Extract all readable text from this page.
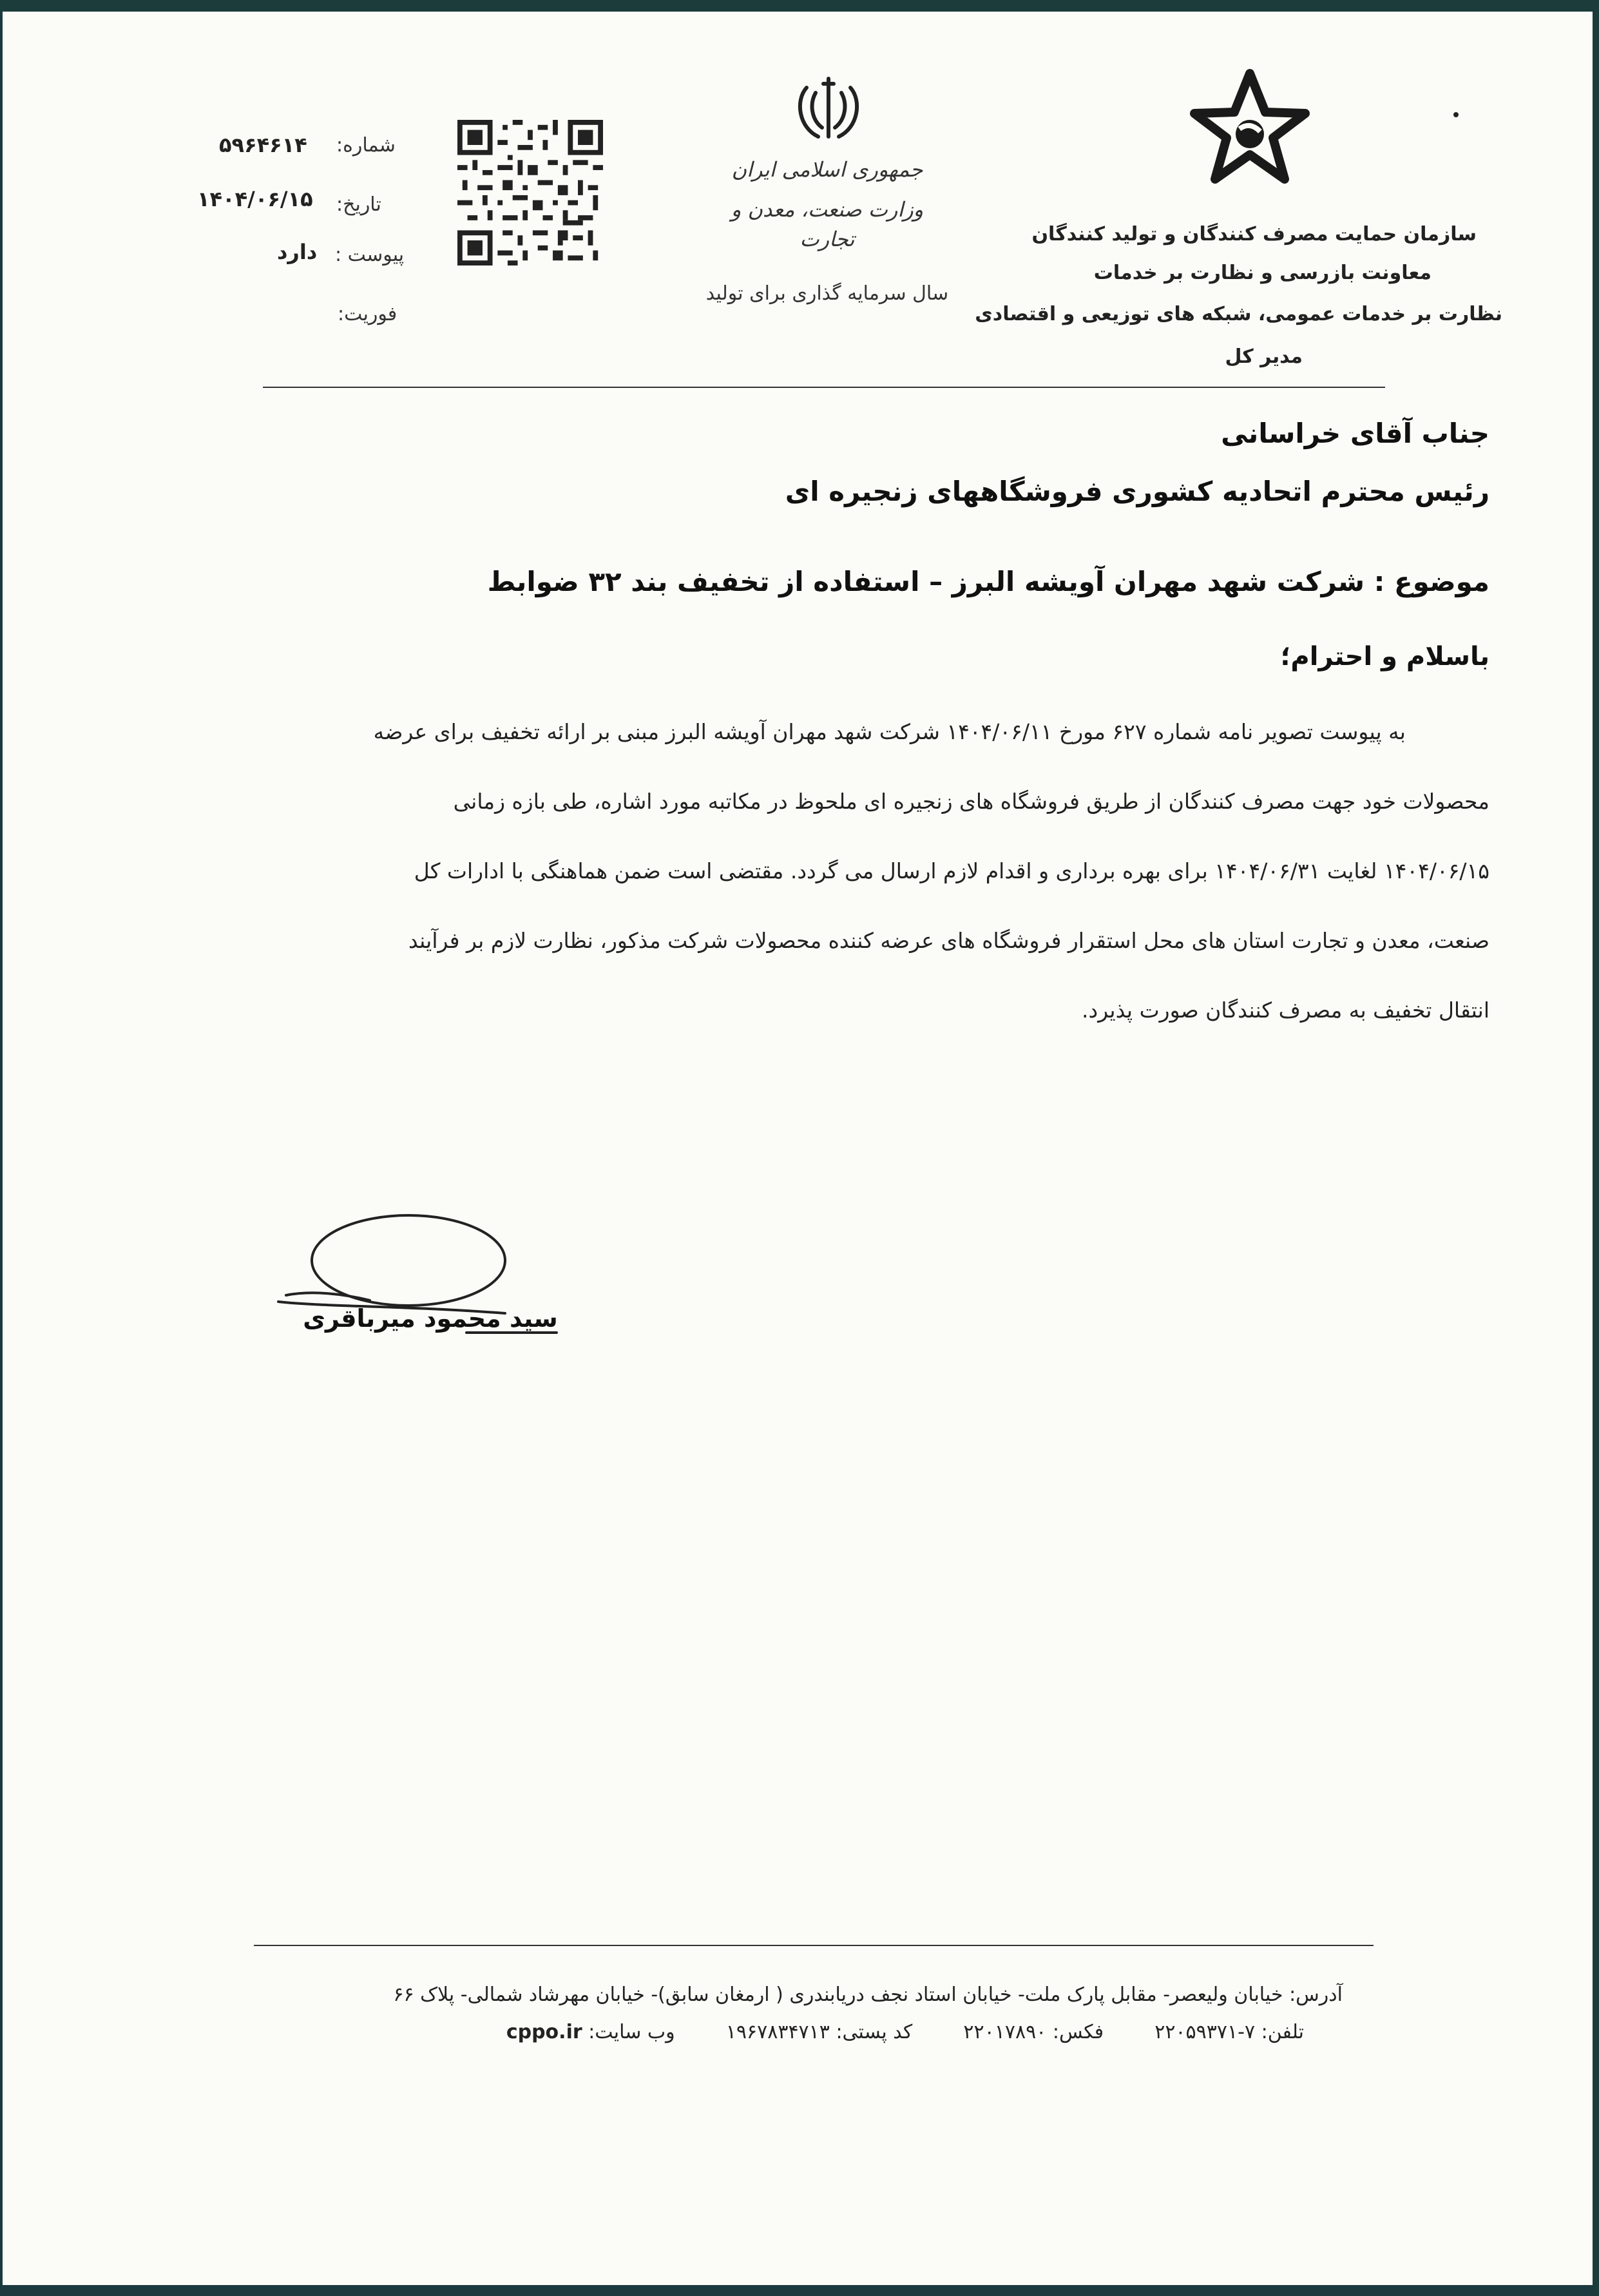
شماره:
۵۹۶۴۶۱۴
تاریخ:
۱۴۰۴/۰۶/۱۵
پیوست :
دارد
فوریت:
جمهوری اسلامی ایران
وزارت صنعت، معدن و تجارت
سال سرمایه گذاری برای تولید
سازمان حمایت مصرف کنندگان و تولید کنندگان
معاونت بازرسی و نظارت بر خدمات
نظارت بر خدمات عمومی، شبکه های توزیعی و اقتصادی
مدیر کل
جناب آقای خراسانی
رئیس محترم اتحادیه کشوری فروشگاههای زنجیره ای
موضوع : شرکت شهد مهران آویشه البرز – استفاده از تخفیف بند ۳۲ ضوابط
باسلام و احترام؛
به پیوست تصویر نامه شماره ۶۲۷ مورخ ۱۴۰۴/۰۶/۱۱ شرکت شهد مهران آویشه البرز مبنی بر ارائه تخفیف برای عرضه
محصولات خود جهت مصرف کنندگان از طریق فروشگاه های زنجیره ای ملحوظ در مکاتبه مورد اشاره، طی بازه زمانی
۱۴۰۴/۰۶/۱۵ لغایت ۱۴۰۴/۰۶/۳۱ برای بهره برداری و اقدام لازم ارسال می گردد. مقتضی است ضمن هماهنگی با ادارات کل
صنعت، معدن و تجارت استان های محل استقرار فروشگاه های عرضه کننده محصولات شرکت مذکور، نظارت لازم بر فرآیند
انتقال تخفیف به مصرف کنندگان صورت پذیرد.
سید محمود میرباقری
آدرس: خیابان ولیعصر- مقابل پارک ملت- خیابان استاد نجف دریابندری ( ارمغان سابق)- خیابان مهرشاد شمالی- پلاک ۶۶
تلفن: ۷-۲۲۰۵۹۳۷۱  فکس: ۲۲۰۱۷۸۹۰  کد پستی: ۱۹۶۷۸۳۴۷۱۳  وب سایت: cppo.ir
